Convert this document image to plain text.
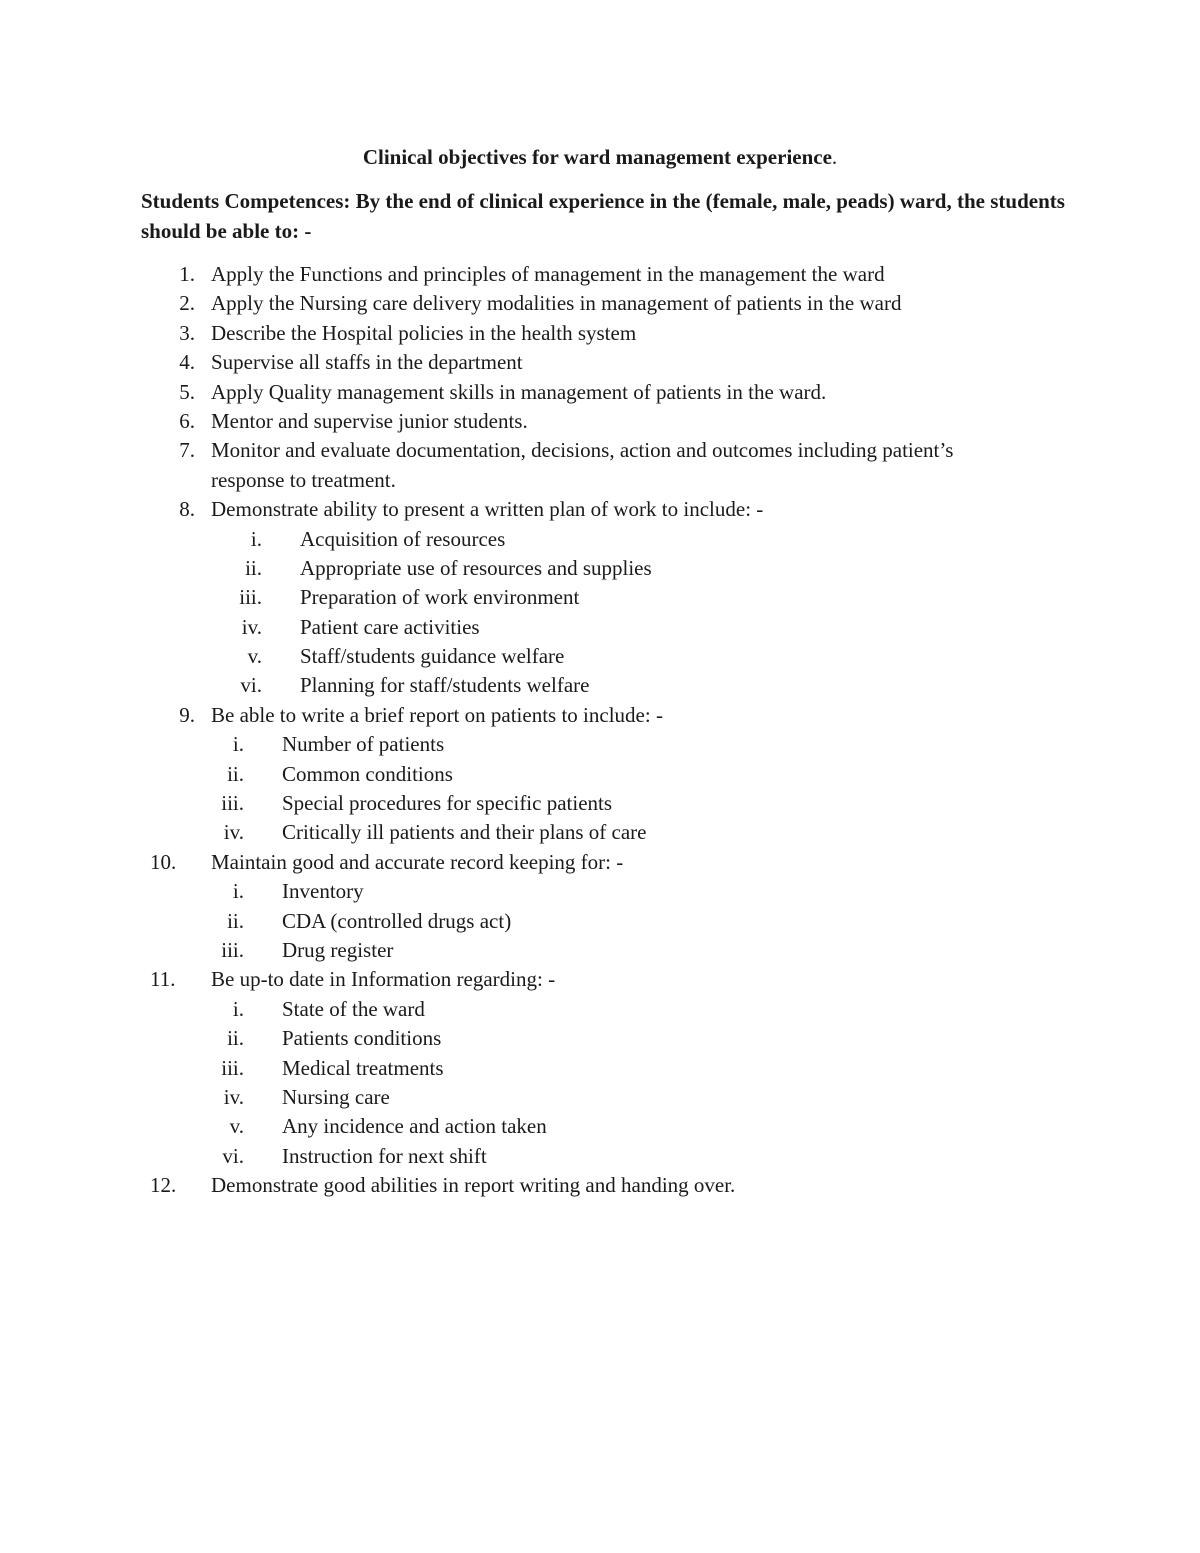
Clinical objectives for ward management experience.
Students Competences: By the end of clinical experience in the (female, male, peads) ward, the students should be able to: -
1. Apply the Functions and principles of management in the management the ward
2. Apply the Nursing care delivery modalities in management of patients in the ward
3. Describe the Hospital policies in the health system
4. Supervise all staffs in the department
5. Apply Quality management skills in management of patients in the ward.
6. Mentor and supervise junior students.
7. Monitor and evaluate documentation, decisions, action and outcomes including patient’s
response to treatment.
8. Demonstrate ability to present a written plan of work to include: -
i. Acquisition of resources
ii. Appropriate use of resources and supplies
iii. Preparation of work environment
iv. Patient care activities
v. Staff/students guidance welfare
vi. Planning for staff/students welfare
9. Be able to write a brief report on patients to include: -
i. Number of patients
ii. Common conditions
iii. Special procedures for specific patients
iv. Critically ill patients and their plans of care
10.	Maintain good and accurate record keeping for: -
i. Inventory
ii. CDA (controlled drugs act)
iii. Drug register
11.	Be up-to date in Information regarding: -
i. State of the ward
ii. Patients conditions
iii. Medical treatments
iv. Nursing care
v. Any incidence and action taken
vi. Instruction for next shift
12.	Demonstrate good abilities in report writing and handing over.
